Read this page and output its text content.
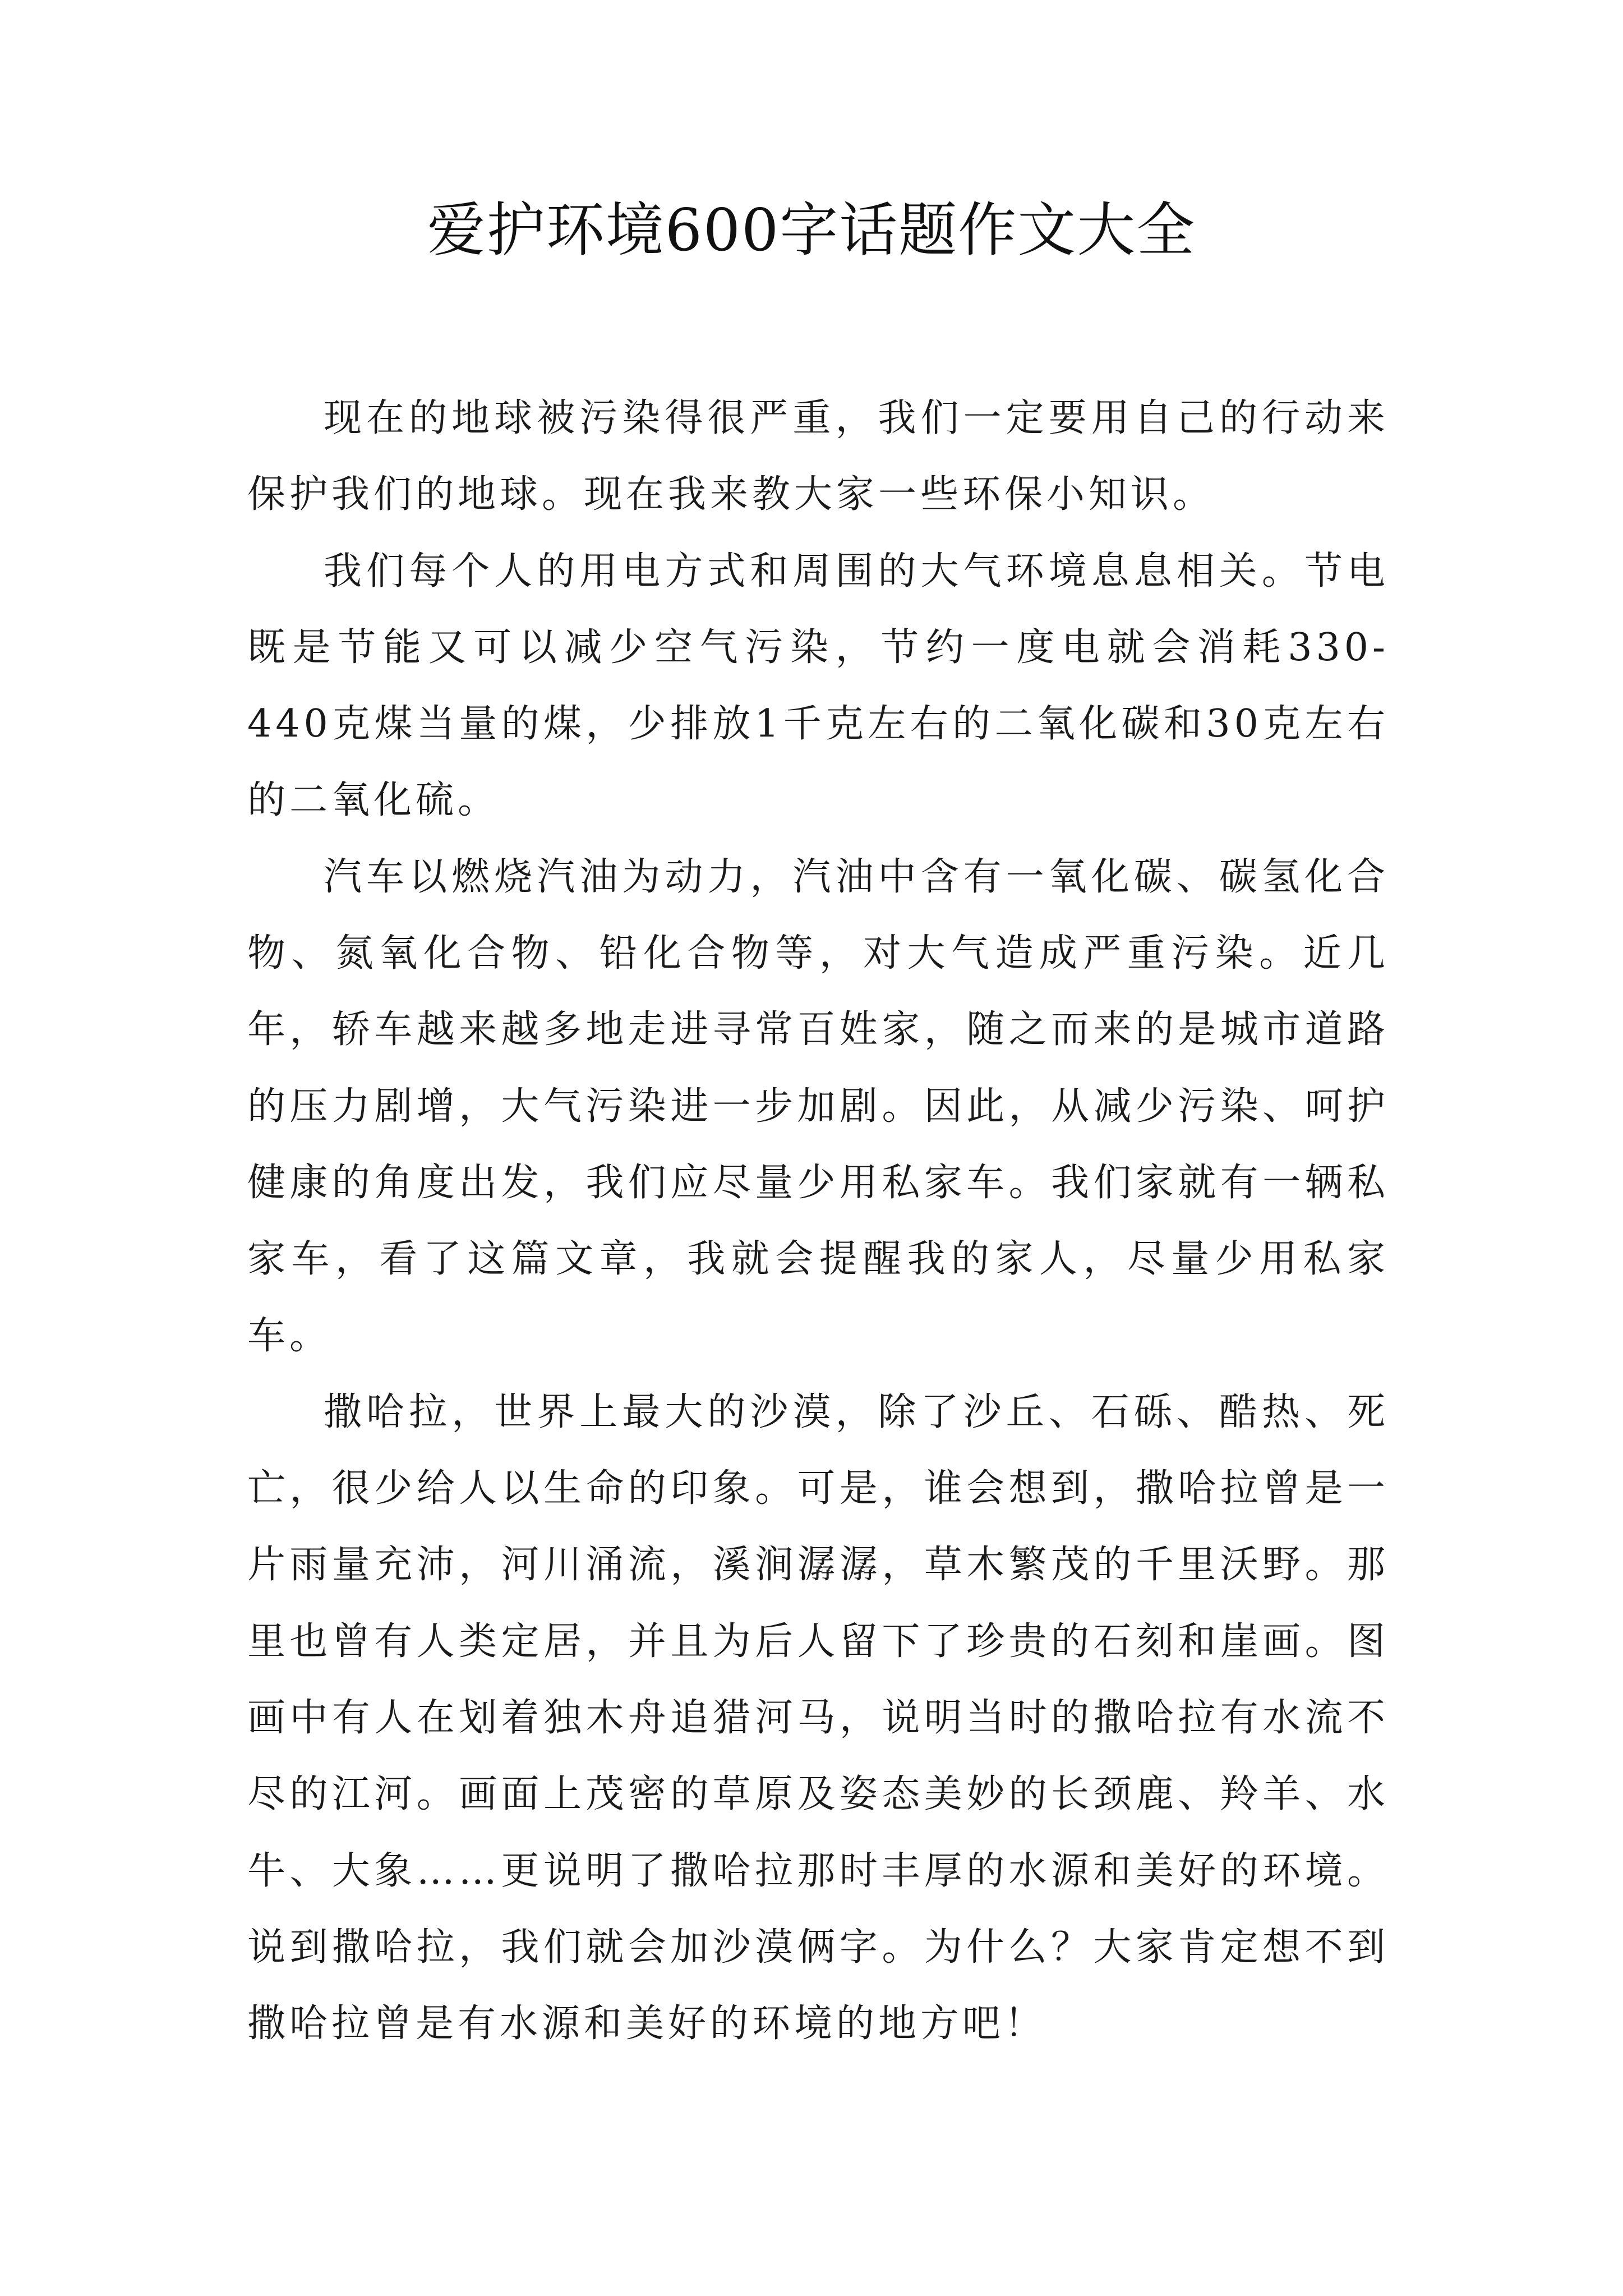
爱护环境600字话题作文大全

现在的地球被污染得很严重，我们一定要用自己的行动来保护我们的地球。现在我来教大家一些环保小知识。

我们每个人的用电方式和周围的大气环境息息相关。节电既是节能又可以减少空气污染，节约一度电就会消耗330-440克煤当量的煤，少排放1千克左右的二氧化碳和30克左右的二氧化硫。

汽车以燃烧汽油为动力，汽油中含有一氧化碳、碳氢化合物、氮氧化合物、铅化合物等，对大气造成严重污染。近几年，轿车越来越多地走进寻常百姓家，随之而来的是城市道路的压力剧增，大气污染进一步加剧。因此，从减少污染、呵护健康的角度出发，我们应尽量少用私家车。我们家就有一辆私家车，看了这篇文章，我就会提醒我的家人，尽量少用私家车。

撒哈拉，世界上最大的沙漠，除了沙丘、石砾、酷热、死亡，很少给人以生命的印象。可是，谁会想到，撒哈拉曾是一片雨量充沛，河川涌流，溪涧潺潺，草木繁茂的千里沃野。那里也曾有人类定居，并且为后人留下了珍贵的石刻和崖画。图画中有人在划着独木舟追猎河马，说明当时的撒哈拉有水流不尽的江河。画面上茂密的草原及姿态美妙的长颈鹿、羚羊、水牛、大象……更说明了撒哈拉那时丰厚的水源和美好的环境。说到撒哈拉，我们就会加沙漠俩字。为什么？大家肯定想不到撒哈拉曾是有水源和美好的环境的地方吧！
